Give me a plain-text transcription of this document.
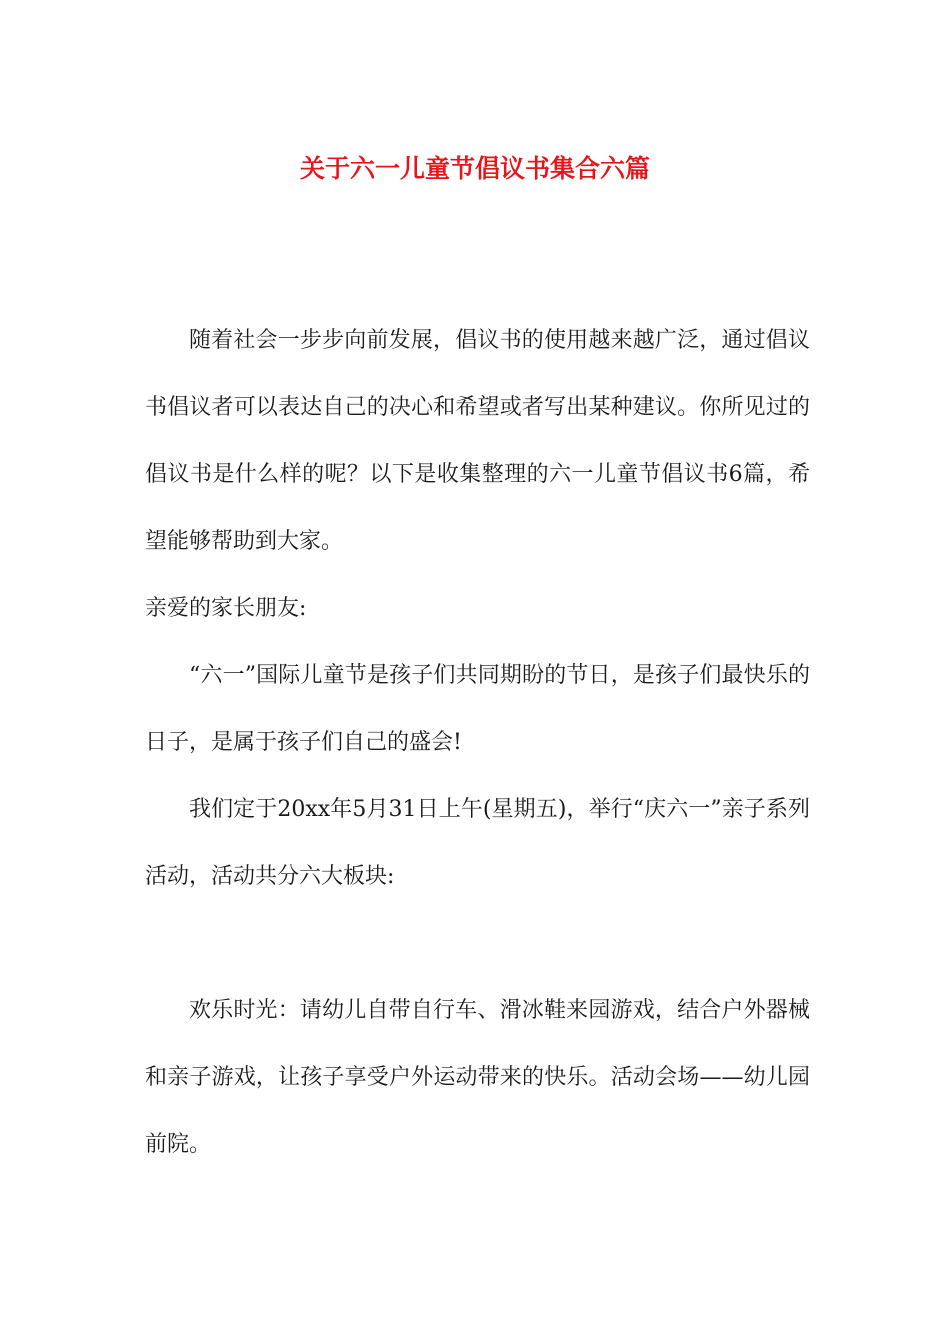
关于六一儿童节倡议书集合六篇

随着社会一步步向前发展，倡议书的使用越来越广泛，通过倡议书倡议者可以表达自己的决心和希望或者写出某种建议。你所见过的倡议书是什么样的呢？以下是收集整理的六一儿童节倡议书6篇，希望能够帮助到大家。

亲爱的家长朋友:

“六一”国际儿童节是孩子们共同期盼的节日，是孩子们最快乐的日子，是属于孩子们自己的盛会!

我们定于20xx年5月31日上午(星期五)，举行“庆六一”亲子系列活动，活动共分六大板块:

欢乐时光：请幼儿自带自行车、滑冰鞋来园游戏，结合户外器械和亲子游戏，让孩子享受户外运动带来的快乐。活动会场——幼儿园前院。
